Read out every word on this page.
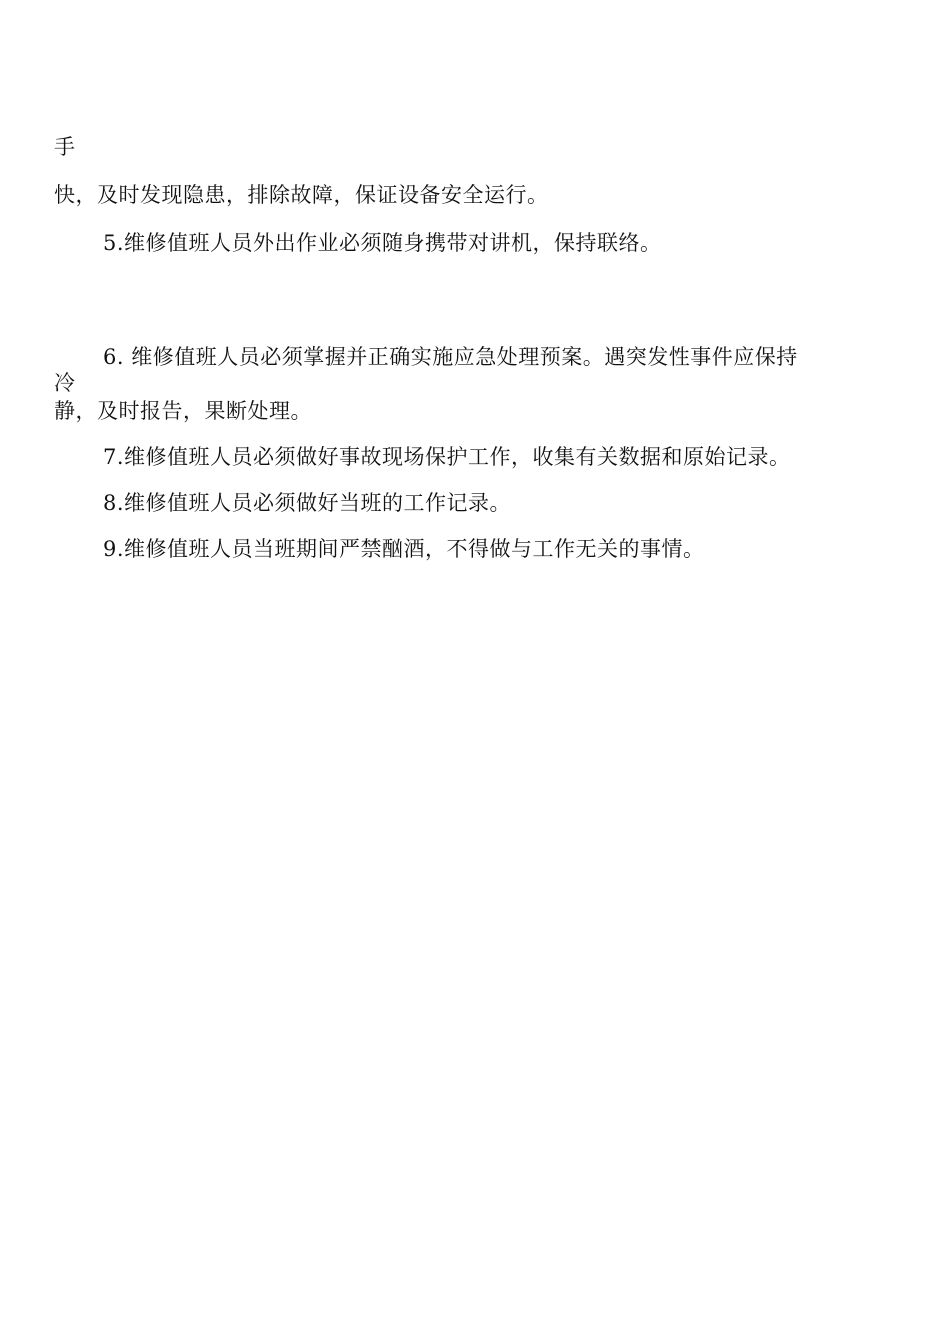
手
快，及时发现隐患，排除故障，保证设备安全运行。
5.维修值班人员外出作业必须随身携带对讲机，保持联络。
6. 维修值班人员必须掌握并正确实施应急处理预案。遇突发性事件应保持
冷
静，及时报告，果断处理。
7.维修值班人员必须做好事故现场保护工作，收集有关数据和原始记录。
8.维修值班人员必须做好当班的工作记录。
9.维修值班人员当班期间严禁酗酒，不得做与工作无关的事情。
